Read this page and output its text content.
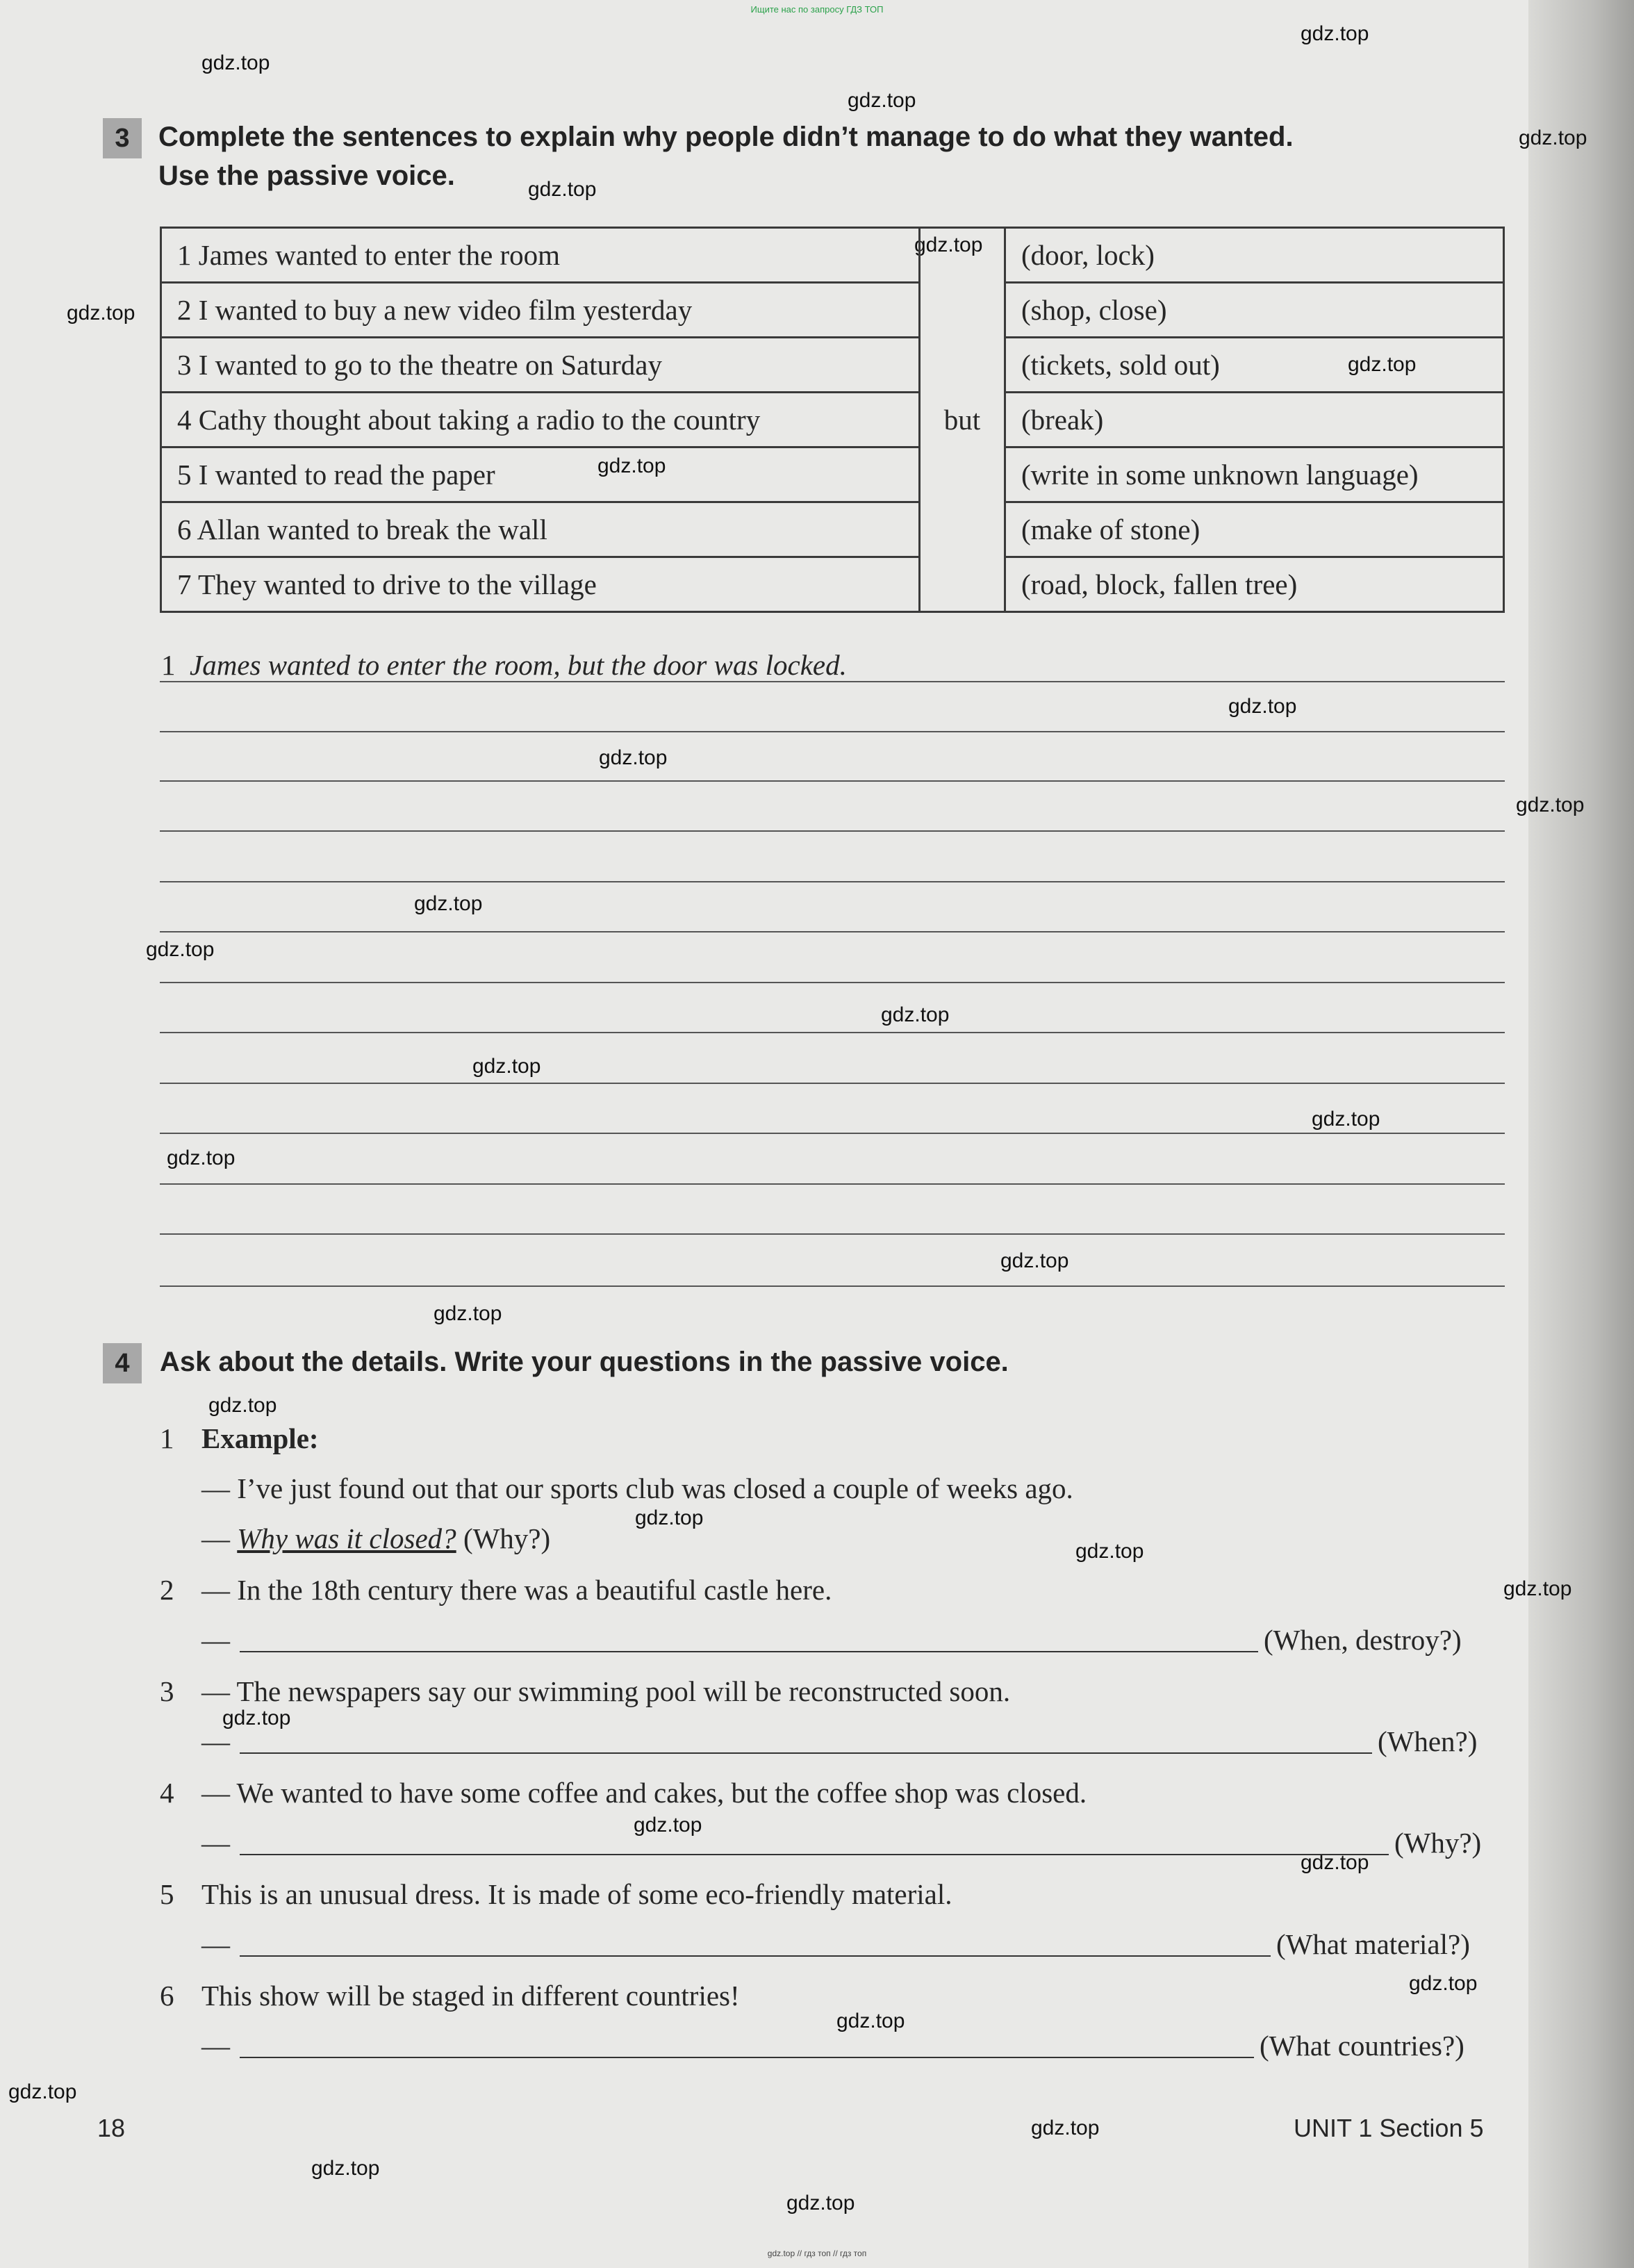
Ищите нас по запросу ГДЗ ТОП
gdz.top
gdz.top
gdz.top
gdz.top
gdz.top
gdz.top
gdz.top
gdz.top
gdz.top
gdz.top
gdz.top
gdz.top
gdz.top
gdz.top
gdz.top
gdz.top
gdz.top
gdz.top
gdz.top
gdz.top
gdz.top
gdz.top
gdz.top
gdz.top
gdz.top
gdz.top
gdz.top
gdz.top
gdz.top
gdz.top
gdz.top
gdz.top
gdz.top
3	Complete the sentences to explain why people didn’t manage to do what they wanted.
Use the passive voice.
1 James wanted to enter the room	but	(door, lock)
2 I wanted to buy a new video film yesterday		(shop, close)
3 I wanted to go to the theatre on Saturday		(tickets, sold out)
4 Cathy thought about taking a radio to the country		(break)
5 I wanted to read the paper		(write in some unknown language)
6 Allan wanted to break the wall		(make of stone)
7 They wanted to drive to the village		(road, block, fallen tree)
1 James wanted to enter the room, but the door was locked.
4	Ask about the details. Write your questions in the passive voice.
1 Example:
— I’ve just found out that our sports club was closed a couple of weeks ago.
— Why was it closed? (Why?)
2 — In the 18th century there was a beautiful castle here.
—	(When, destroy?)
3 — The newspapers say our swimming pool will be reconstructed soon.
—	(When?)
4 — We wanted to have some coffee and cakes, but the coffee shop was closed.
—	(Why?)
5 This is an unusual dress. It is made of some eco-friendly material.
—	(What material?)
6 This show will be staged in different countries!
—	(What countries?)
18	UNIT 1 Section 5
gdz.top // гдз топ // гдз топ
